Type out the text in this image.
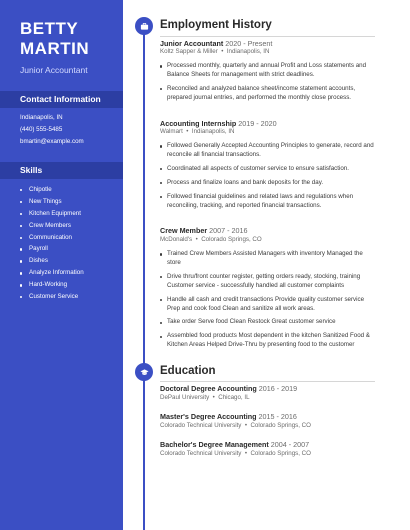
BETTY
MARTIN
Junior Accountant
Contact Information
Indianapolis, IN
(440) 555-5485
bmartin@example.com
Skills
Chipotle
New Things
Kitchen Equipment
Crew Members
Communication
Payroll
Dishes
Analyze Information
Hard-Working
Customer Service
Employment History
Junior Accountant 2020 - Present
Koltz Sapper & Miller  •  Indianapolis, IN
Processed monthly, quarterly and annual Profit and Loss statements and Balance Sheets for management with strict deadlines.
Reconciled and analyzed balance sheet/income statement accounts, prepared journal entries, and performed the monthly close process.
Accounting Internship 2019 - 2020
Walmart  •  Indianapolis, IN
Followed Generally Accepted Accounting Principles to generate, record and reconcile all financial transactions.
Coordinated all aspects of customer service to ensure satisfaction.
Process and finalize loans and bank deposits for the day.
Followed financial guidelines and related laws and regulations when reconciling, tracking, and reported financial transactions.
Crew Member 2007 - 2016
McDonald's  •  Colorado Springs, CO
Trained Crew Members Assisted Managers with inventory Managed the store
Drive thru/front counter register, getting orders ready, stocking, training Customer service - successfully handled all customer complaints
Handle all cash and credit transactions Provide quality customer service Prep and cook food Clean and sanitize all work areas.
Take order Serve food Clean Restock Great customer service
Assembled food products Most dependent in the kitchen Sanitized Food & Kitchen Areas Helped Drive-Thru by presenting food to the customer
Education
Doctoral Degree Accounting 2016 - 2019
DePaul University  •  Chicago, IL
Master's Degree Accounting 2015 - 2016
Colorado Technical University  •  Colorado Springs, CO
Bachelor's Degree Management 2004 - 2007
Colorado Technical University  •  Colorado Springs, CO
